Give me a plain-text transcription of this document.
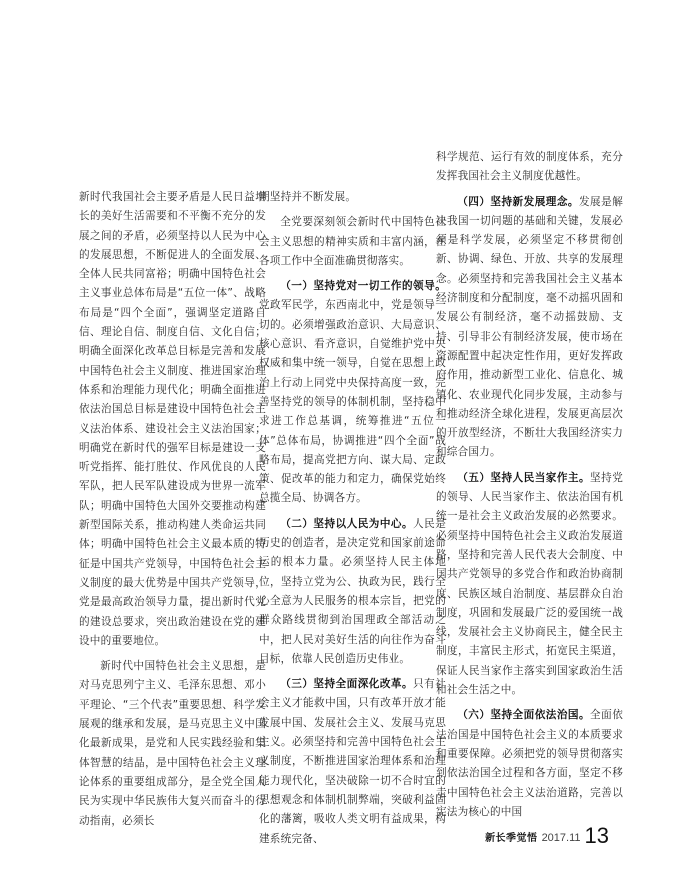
新时代我国社会主要矛盾是人民日益增长的美好生活需要和不平衡不充分的发展之间的矛盾，必须坚持以人民为中心的发展思想，不断促进人的全面发展、全体人民共同富裕；明确中国特色社会主义事业总体布局是“五位一体”、战略布局是“四个全面”，强调坚定道路自信、理论自信、制度自信、文化自信；明确全面深化改革总目标是完善和发展中国特色社会主义制度、推进国家治理体系和治理能力现代化；明确全面推进依法治国总目标是建设中国特色社会主义法治体系、建设社会主义法治国家；明确党在新时代的强军目标是建设一支听党指挥、能打胜仗、作风优良的人民军队，把人民军队建设成为世界一流军队；明确中国特色大国外交要推动构建新型国际关系，推动构建人类命运共同体；明确中国特色社会主义最本质的特征是中国共产党领导，中国特色社会主义制度的最大优势是中国共产党领导，党是最高政治领导力量，提出新时代党的建设总要求，突出政治建设在党的建设中的重要地位。

新时代中国特色社会主义思想，是对马克思列宁主义、毛泽东思想、邓小平理论、“三个代表”重要思想、科学发展观的继承和发展，是马克思主义中国化最新成果，是党和人民实践经验和集体智慧的结晶，是中国特色社会主义理论体系的重要组成部分，是全党全国人民为实现中华民族伟大复兴而奋斗的行动指南，必须长

期坚持并不断发展。

全党要深刻领会新时代中国特色社会主义思想的精神实质和丰富内涵，在各项工作中全面准确贯彻落实。

（一）坚持党对一切工作的领导。党政军民学，东西南北中，党是领导一切的。必须增强政治意识、大局意识、核心意识、看齐意识，自觉维护党中央权威和集中统一领导，自觉在思想上政治上行动上同党中央保持高度一致，完善坚持党的领导的体制机制，坚持稳中求进工作总基调，统筹推进“五位一体”总体布局，协调推进“四个全面”战略布局，提高党把方向、谋大局、定政策、促改革的能力和定力，确保党始终总揽全局、协调各方。

（二）坚持以人民为中心。人民是历史的创造者，是决定党和国家前途命运的根本力量。必须坚持人民主体地位，坚持立党为公、执政为民，践行全心全意为人民服务的根本宗旨，把党的群众路线贯彻到治国理政全部活动之中，把人民对美好生活的向往作为奋斗目标，依靠人民创造历史伟业。

（三）坚持全面深化改革。只有社会主义才能救中国，只有改革开放才能发展中国、发展社会主义、发展马克思主义。必须坚持和完善中国特色社会主义制度，不断推进国家治理体系和治理能力现代化，坚决破除一切不合时宜的思想观念和体制机制弊端，突破利益固化的藩篱，吸收人类文明有益成果，构建系统完备、

科学规范、运行有效的制度体系，充分发挥我国社会主义制度优越性。

（四）坚持新发展理念。发展是解决我国一切问题的基础和关键，发展必须是科学发展，必须坚定不移贯彻创新、协调、绿色、开放、共享的发展理念。必须坚持和完善我国社会主义基本经济制度和分配制度，毫不动摇巩固和发展公有制经济，毫不动摇鼓励、支持、引导非公有制经济发展，使市场在资源配置中起决定性作用，更好发挥政府作用，推动新型工业化、信息化、城镇化、农业现代化同步发展，主动参与和推动经济全球化进程，发展更高层次的开放型经济，不断壮大我国经济实力和综合国力。

（五）坚持人民当家作主。坚持党的领导、人民当家作主、依法治国有机统一是社会主义政治发展的必然要求。必须坚持中国特色社会主义政治发展道路，坚持和完善人民代表大会制度、中国共产党领导的多党合作和政治协商制度、民族区域自治制度、基层群众自治制度，巩固和发展最广泛的爱国统一战线，发展社会主义协商民主，健全民主制度，丰富民主形式，拓宽民主渠道，保证人民当家作主落实到国家政治生活和社会生活之中。

（六）坚持全面依法治国。全面依法治国是中国特色社会主义的本质要求和重要保障。必须把党的领导贯彻落实到依法治国全过程和各方面，坚定不移走中国特色社会主义法治道路，完善以宪法为核心的中国

新长季觉悟 2017.11 13
